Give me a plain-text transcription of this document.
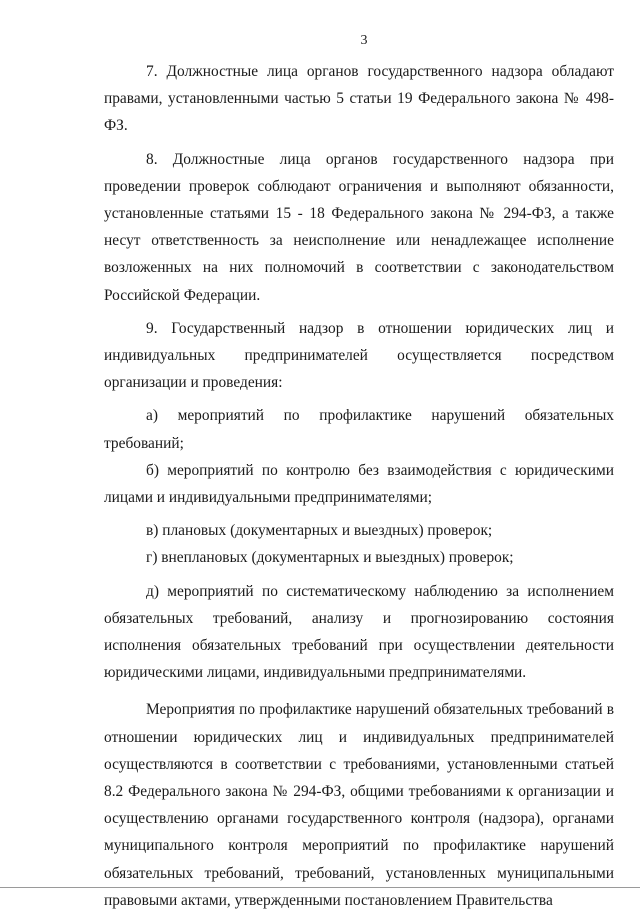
3

7. Должностные лица органов государственного надзора обладают правами, установленными частью 5 статьи 19 Федерального закона № 498-ФЗ.

8. Должностные лица органов государственного надзора при проведении проверок соблюдают ограничения и выполняют обязанности, установленные статьями 15 - 18 Федерального закона № 294-ФЗ, а также несут ответственность за неисполнение или ненадлежащее исполнение возложенных на них полномочий в соответствии с законодательством Российской Федерации.

9. Государственный надзор в отношении юридических лиц и индивидуальных предпринимателей осуществляется посредством организации и проведения:

а) мероприятий по профилактике нарушений обязательных требований;

б) мероприятий по контролю без взаимодействия с юридическими лицами и индивидуальными предпринимателями;

в) плановых (документарных и выездных) проверок;

г) внеплановых (документарных и выездных) проверок;

д) мероприятий по систематическому наблюдению за исполнением обязательных требований, анализу и прогнозированию состояния исполнения обязательных требований при осуществлении деятельности юридическими лицами, индивидуальными предпринимателями.

Мероприятия по профилактике нарушений обязательных требований в отношении юридических лиц и индивидуальных предпринимателей осуществляются в соответствии с требованиями, установленными статьей 8.2 Федерального закона № 294-ФЗ, общими требованиями к организации и осуществлению органами государственного контроля (надзора), органами муниципального контроля мероприятий по профилактике нарушений обязательных требований, требований, установленных муниципальными правовыми актами, утвержденными постановлением Правительства
